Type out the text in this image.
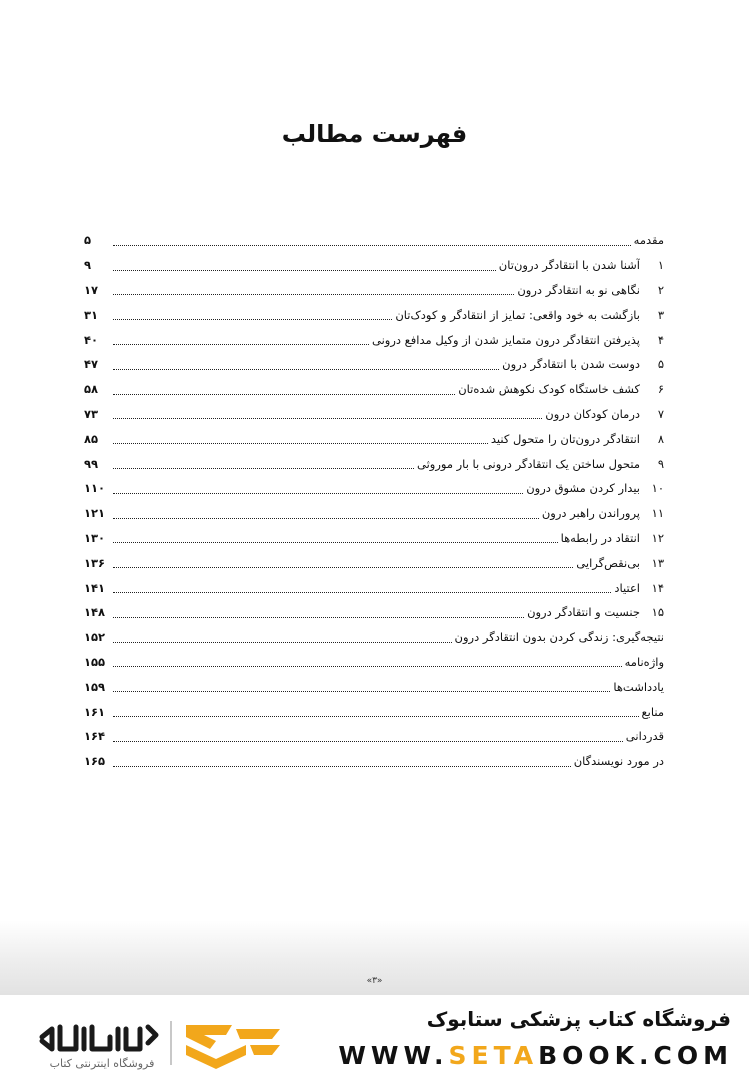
فهرست مطالب
مقدمه
۵
۱
آشنا شدن با انتقادگر درون‌تان
۹
۲
نگاهی نو به انتقادگر درون
۱۷
۳
بازگشت به خود واقعی: تمایز از انتقادگر و کودک‌تان
۳۱
۴
پذیرفتن انتقادگر درون متمایز شدن از وکیل مدافع درونی
۴۰
۵
دوست شدن با انتقادگر درون
۴۷
۶
کشف خاستگاه کودک نکوهش شده‌تان
۵۸
۷
درمان کودکان درون
۷۳
۸
انتقادگر درون‌تان را متحول کنید
۸۵
۹
متحول ساختن یک انتقادگر درونی با بار موروثی
۹۹
۱۰
بیدار کردن مشوق درون
۱۱۰
۱۱
پروراندن راهبر درون
۱۲۱
۱۲
انتقاد در رابطه‌ها
۱۳۰
۱۳
بی‌نقص‌گرایی
۱۳۶
۱۴
اعتیاد
۱۴۱
۱۵
جنسیت و انتقادگر درون
۱۴۸
نتیجه‌گیری: زندگی کردن بدون انتقادگر درون
۱۵۲
واژه‌نامه
۱۵۵
یادداشت‌ها
۱۵۹
منابع
۱۶۱
قدردانی
۱۶۴
در مورد نویسندگان
۱۶۵
«۳»
فروشگاه اینترنتی کتاب
فروشگاه کتاب پزشکی ستابوک
WWW.SETABOOK.COM
